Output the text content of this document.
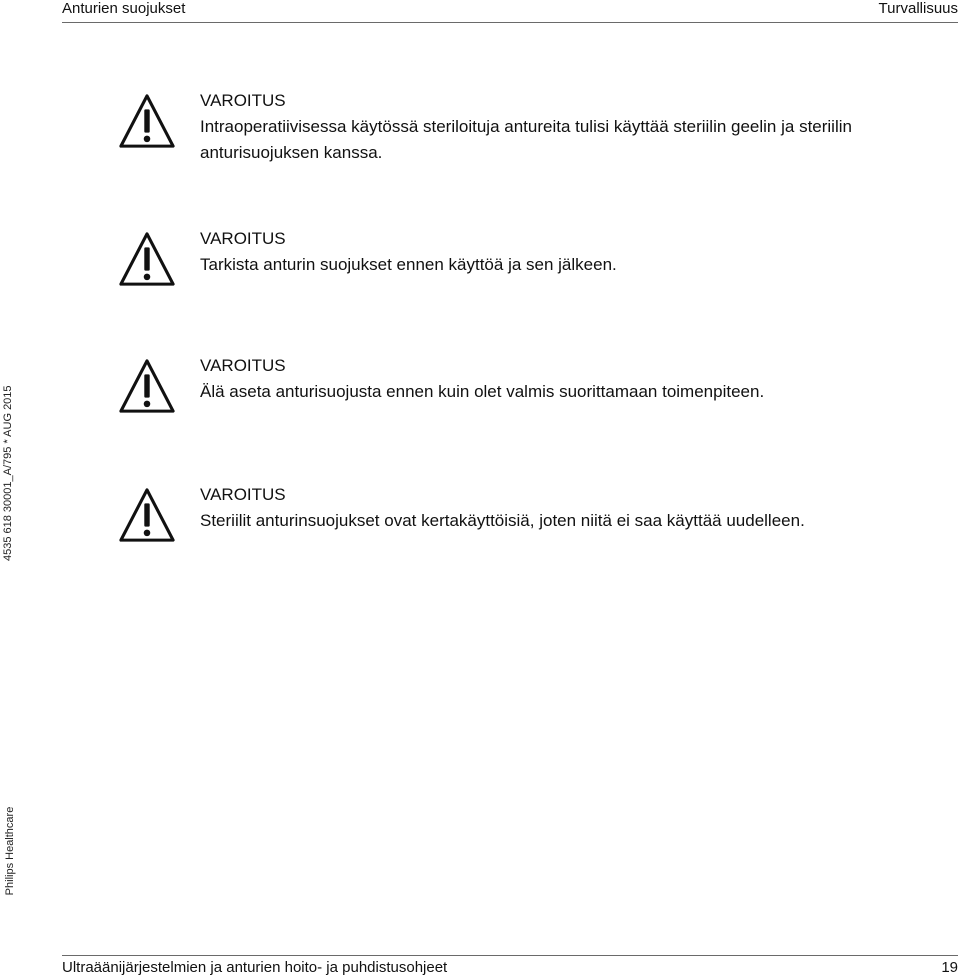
Anturien suojukset	Turvallisuus
VAROITUS
Intraoperatiivisessa käytössä steriloituja antureita tulisi käyttää steriilin geelin ja steriilin anturisuojuksen kanssa.
VAROITUS
Tarkista anturin suojukset ennen käyttöä ja sen jälkeen.
VAROITUS
Älä aseta anturisuojusta ennen kuin olet valmis suorittamaan toimenpiteen.
VAROITUS
Steriilit anturinsuojukset ovat kertakäyttöisiä, joten niitä ei saa käyttää uudelleen.
4535 618 30001_A/795 * AUG 2015
Philips Healthcare
Ultraäänijärjestelmien ja anturien hoito- ja puhdistusohjeet	19
